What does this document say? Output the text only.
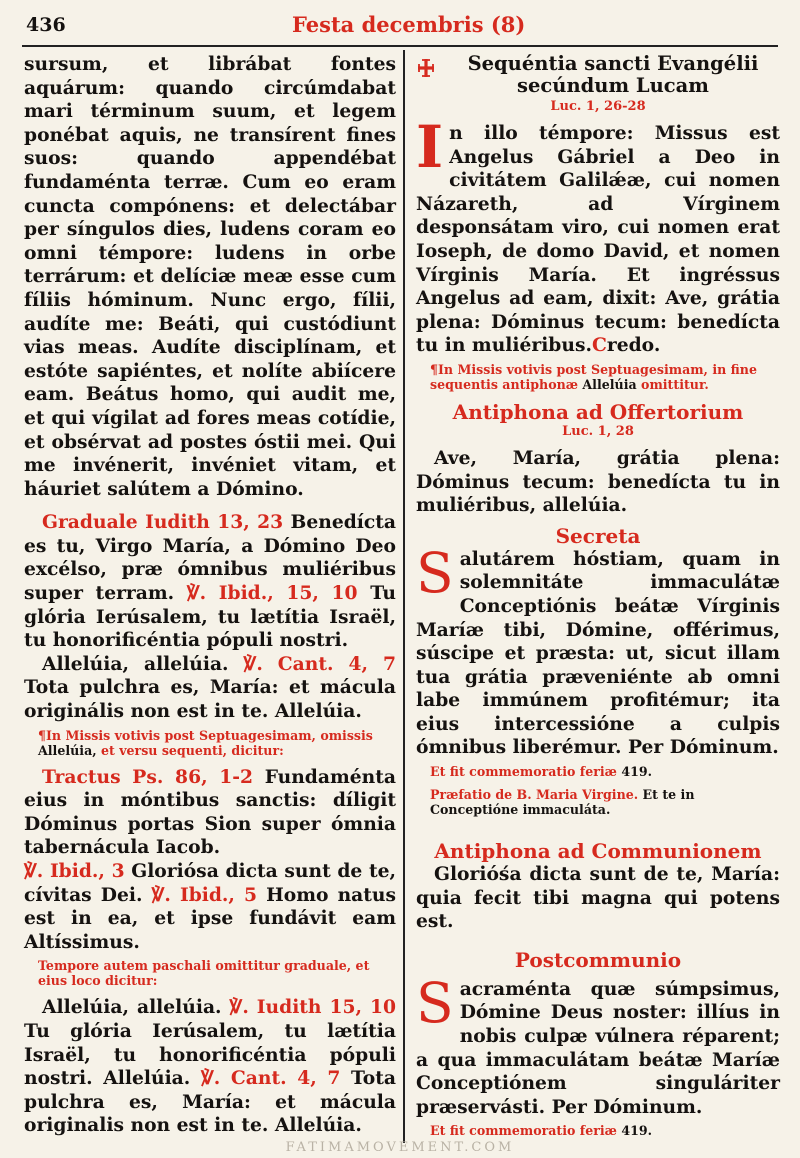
436	Festa decembris (8)

sursum, et librábat fontes aquárum: quando circúmdabat mari términum suum, et legem ponébat aquis, ne transírent fines suos: quando appendébat fundaménta terræ. Cum eo eram cuncta compónens: et delectábar per síngulos dies, ludens coram eo omni témpore: ludens in orbe terrárum: et delíciæ meæ esse cum fíliis hóminum. Nunc ergo, fílii, audíte me: Beáti, qui custódiunt vias meas. Audíte disciplínam, et estóte sapiéntes, et nolíte abiícere eam. Beátus homo, qui audit me, et qui vígilat ad fores meas cotídie, et obsérvat ad postes óstii mei. Qui me invénerit, invéniet vitam, et háuriet salútem a Dómino.

Graduale Iudith 13, 23 Benedícta es tu, Virgo María, a Dómino Deo excélso, præ ómnibus muliéribus super terram. ℣. Ibid., 15, 10 Tu glória Ierúsalem, tu lætítia Israël, tu honorificéntia pópuli nostri.

Allelúia, allelúia. ℣. Cant. 4, 7 Tota pulchra es, María: et mácula originális non est in te. Allelúia.

¶In Missis votivis post Septuagesimam, omissis Allelúia, et versu sequenti, dicitur:

Tractus Ps. 86, 1-2 Fundaménta eius in móntibus sanctis: díligit Dóminus portas Sion super ómnia tabernácula Iacob.

℣. Ibid., 3 Gloriósa dicta sunt de te, cívitas Dei. ℣. Ibid., 5 Homo natus est in ea, et ipse fundávit eam Altíssimus.

Tempore autem paschali omittitur graduale, et eius loco dicitur:

Allelúia, allelúia. ℣. Iudith 15, 10 Tu glória Ierúsalem, tu lætítia Israël, tu honorificéntia pópuli nostri. Allelúia. ℣. Cant. 4, 7 Tota pulchra es, María: et mácula originalis non est in te. Allelúia.

Sequéntia sancti Evangélii secúndum Lucam

Luc. 1, 26-28

In illo témpore: Missus est Angelus Gábriel a Deo in civitátem Galilǽæ, cui nomen Názareth, ad Vírginem desponsátam viro, cui nomen erat Ioseph, de domo David, et nomen Vírginis María. Et ingréssus Angelus ad eam, dixit: Ave, grátia plena: Dóminus tecum: benedícta tu in muliéribus.Credo.

¶In Missis votivis post Septuagesimam, in fine sequentis antiphonæ Allelúia omittitur.

Antiphona ad Offertorium

Luc. 1, 28

Ave, María, grátia plena: Dóminus tecum: benedícta tu in muliéribus, allelúia.

Secreta

Salutárem hóstiam, quam in solemnitáte immaculátæ Conceptiónis beátæ Vírginis Maríæ tibi, Dómine, offérimus, súscipe et præsta: ut, sicut illam tua grátia præveniénte ab omni labe immúnem profitémur; ita eius intercessióne a culpis ómnibus liberémur. Per Dóminum.

Et fit commemoratio feriæ 419.

Præfatio de B. Maria Virgine. Et te in Conceptióne immaculáta.

Antiphona ad Communionem

Glorióśa dicta sunt de te, María: quia fecit tibi magna qui potens est.

Postcommunio

Sacraménta quæ súmpsimus, Dómine Deus noster: illíus in nobis culpæ vúlnera réparent; a qua immaculátam beátæ Maríæ Conceptiónem singuláriter præservásti. Per Dóminum.

Et fit commemoratio feriæ 419.

FATIMAMOVEMENT.COM
